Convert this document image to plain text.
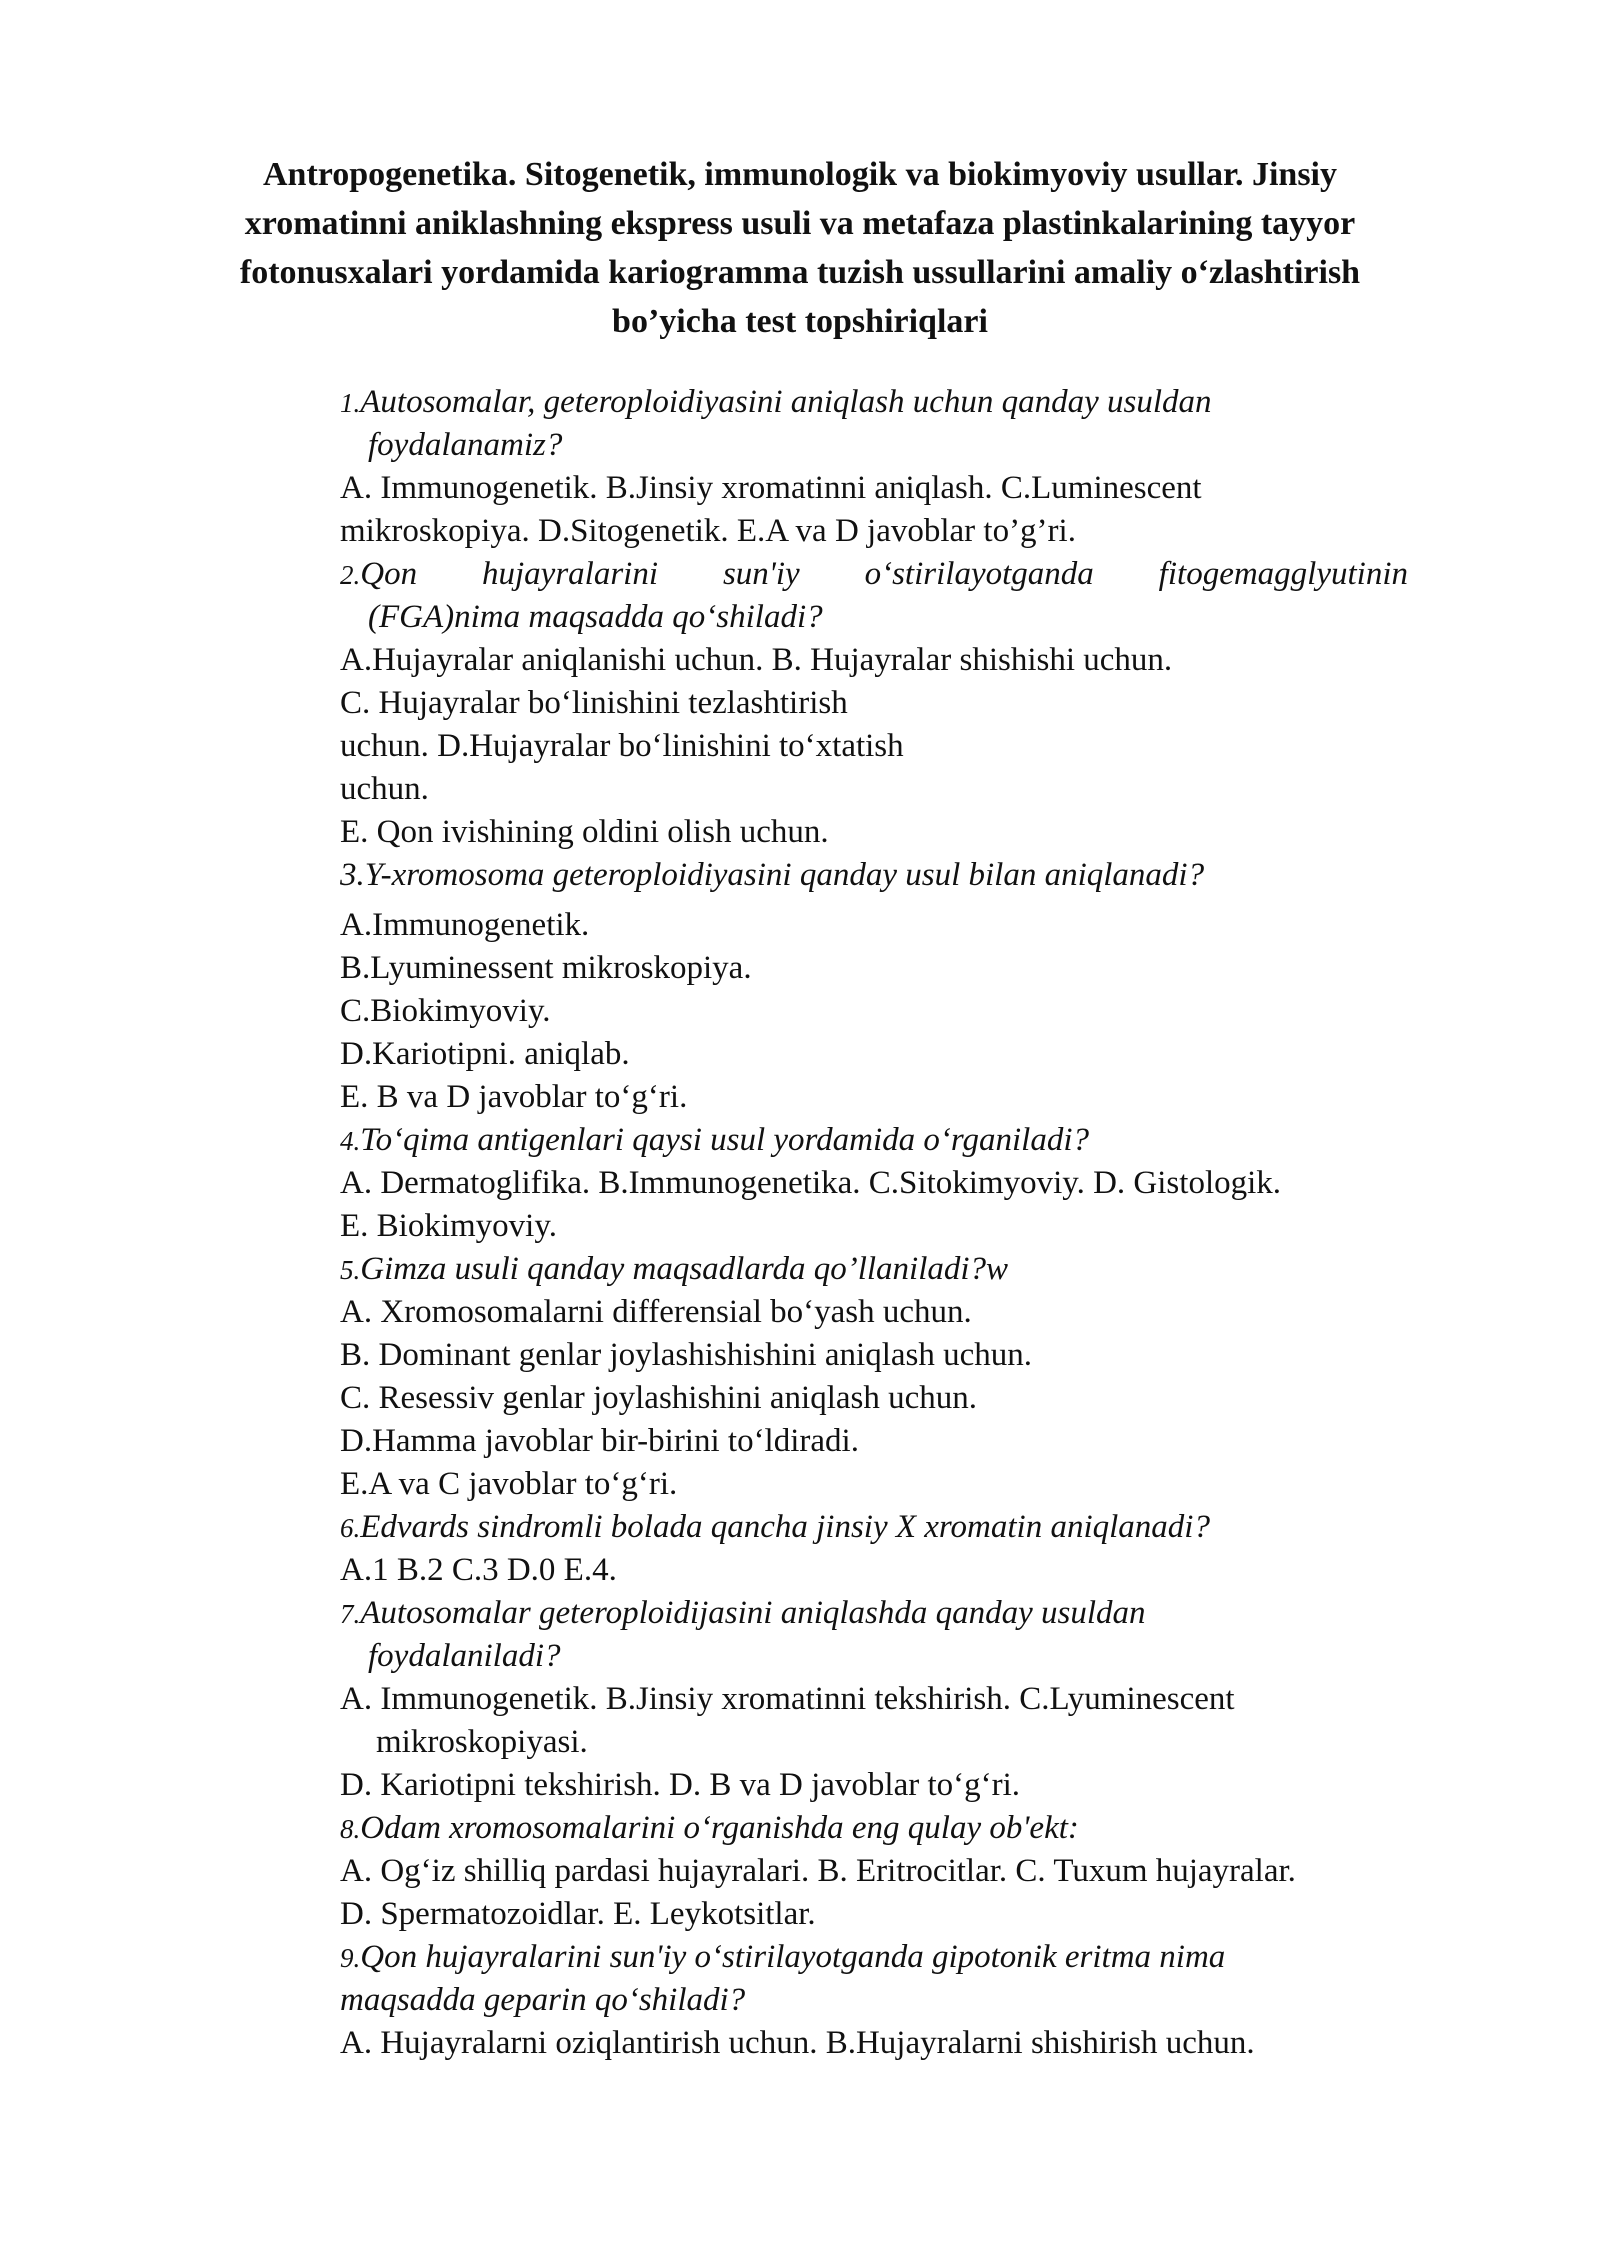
Antropogenetika. Sitogenetik, immunologik va biokimyoviy usullar. Jinsiy
xromatinni aniklashning ekspress usuli va metafaza plastinkalarining tayyor
fotonusxalari yordamida kariogramma tuzish ussullarini amaliy o‘zlashtirish
bo’yicha test topshiriqlari
1.Autosomalar, geteroploidiyasini aniqlash uchun qanday usuldan
foydalanamiz?
A. Immunogenetik. B.Jinsiy xromatinni aniqlash. C.Luminescent
mikroskopiya. D.Sitogenetik. E.A va D javoblar to’g’ri.
2.Qon hujayralarini sun'iy o‘stirilayotganda fitogemagglyutinin
(FGA)nima maqsadda qo‘shiladi?
A.Hujayralar aniqlanishi uchun. B. Hujayralar shishishi uchun.
C. Hujayralar bo‘linishini tezlashtirish
uchun. D.Hujayralar bo‘linishini to‘xtatish
uchun.
E. Qon ivishining oldini olish uchun.
3.Y-xromosoma geteroploidiyasini qanday usul bilan aniqlanadi?
A.Immunogenetik.
B.Lyuminessent mikroskopiya.
C.Biokimyoviy.
D.Kariotipni. aniqlab.
E. B va D javoblar to‘g‘ri.
4.To‘qima antigenlari qaysi usul yordamida o‘rganiladi?
A. Dermatoglifika. B.Immunogenetika. C.Sitokimyoviy. D. Gistologik.
E. Biokimyoviy.
5.Gimza usuli qanday maqsadlarda qo’llaniladi?w
A. Xromosomalarni differensial bo‘yash uchun.
B. Dominant genlar joylashishishini aniqlash uchun.
C. Resessiv genlar joylashishini aniqlash uchun.
D.Hamma javoblar bir-birini to‘ldiradi.
E.A va C javoblar to‘g‘ri.
6.Edvards sindromli bolada qancha jinsiy X xromatin aniqlanadi?
A.1 B.2 C.3 D.0 E.4.
7.Autosomalar geteroploidijasini aniqlashda qanday usuldan
foydalaniladi?
A. Immunogenetik. B.Jinsiy xromatinni tekshirish. C.Lyuminescent
mikroskopiyasi.
D. Kariotipni tekshirish. D. B va D javoblar to‘g‘ri.
8.Odam xromosomalarini o‘rganishda eng qulay ob'ekt:
A. Og‘iz shilliq pardasi hujayralari. B. Eritrocitlar. C. Tuxum hujayralar.
D. Spermatozoidlar. E. Leykotsitlar.
9.Qon hujayralarini sun'iy o‘stirilayotganda gipotonik eritma nima
maqsadda geparin qo‘shiladi?
A. Hujayralarni oziqlantirish uchun. B.Hujayralarni shishirish uchun.
